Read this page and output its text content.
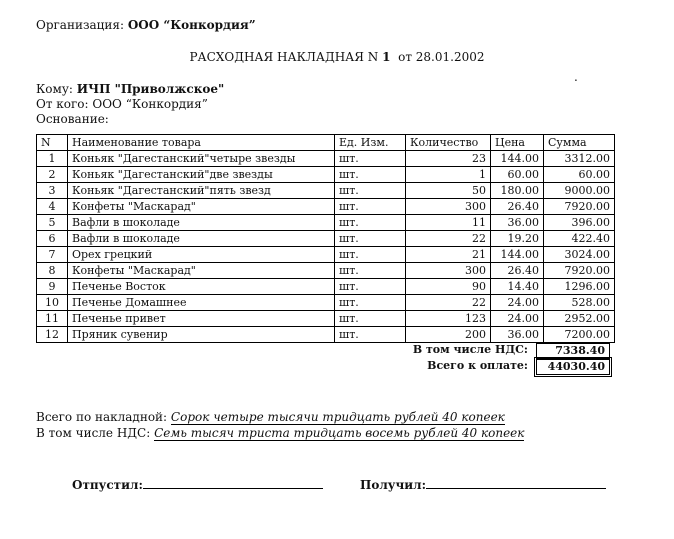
Организация: ООО “Конкордия”
РАСХОДНАЯ НАКЛАДНАЯ N 1 от 28.01.2002
.
Кому: ИЧП "Приволжское"
От кого: ООО “Конкордия”
Основание:
N	Наименование товара	Ед. Изм.	Количество	Цена	Сумма
1	Коньяк "Дагестанский"четыре звезды	шт.	23	144.00	3312.00
2	Коньяк "Дагестанский"две звезды	шт.	1	60.00	60.00
3	Коньяк "Дагестанский"пять звезд	шт.	50	180.00	9000.00
4	Конфеты "Маскарад"	шт.	300	26.40	7920.00
5	Вафли в шоколаде	шт.	11	36.00	396.00
6	Вафли в шоколаде	шт.	22	19.20	422.40
7	Орех грецкий	шт.	21	144.00	3024.00
8	Конфеты "Маскарад"	шт.	300	26.40	7920.00
9	Печенье Восток	шт.	90	14.40	1296.00
10	Печенье Домашнее	шт.	22	24.00	528.00
11	Печенье привет	шт.	123	24.00	2952.00
12	Пряник сувенир	шт.	200	36.00	7200.00
В том числе НДС:	7338.40
Всего к оплате:	44030.40
Всего по накладной: Сорок четыре тысячи тридцать рублей 40 копеек
В том числе НДС: Семь тысяч триста тридцать восемь рублей 40 копеек
Отпустил:	Получил:
